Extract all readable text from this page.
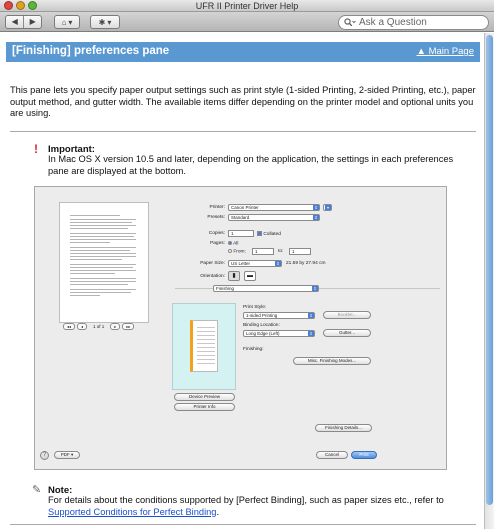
UFR II Printer Driver Help
◀	▶	⌂ ▾	✱ ▾	Ask a Question
[Finishing] preferences pane	▲ Main Page

This pane lets you specify paper output settings such as print style (1-sided Printing, 2-sided Printing, etc.), paper output method, and gutter width. The available items differ depending on the printer model and optional units you are using.

! Important:

In Mac OS X version 10.5 and later, depending on the application, the settings in each preferences pane are displayed at the bottom.

◂◂	◂	1 of 1	▸	▸▸
Printer:	Canon Printer	⇕	▾
Presets:	Standard	⇕
Copies:	1	Collated
Pages:	All
From:	1	to:	1
Paper Size:	US Letter	⇕ 21.59 by 27.94 cm
Orientation:	▮	▬
Finishing	⇕
Device Preview
Printer Info
Print Style:
1-sided Printing	⇕	Booklet...
Binding Location:
Long Edge (Left)	⇕	Gutter...
Finishing:
Misc. Finishing Modes...
Finishing Details...
?	PDF ▾	Cancel	Print
✎ Note:

For details about the conditions supported by [Perfect Binding], such as paper sizes etc., refer to Supported Conditions for Perfect Binding.
